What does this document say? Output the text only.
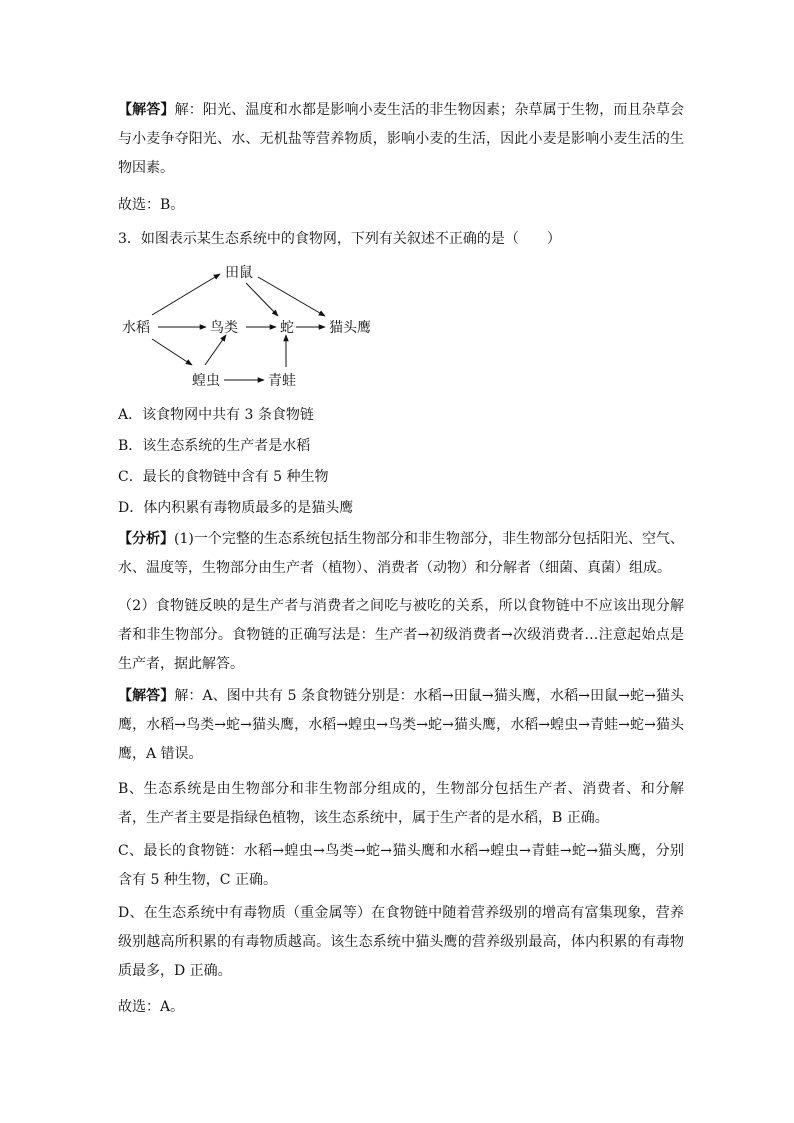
【解答】解：阳光、温度和水都是影响小麦生活的非生物因素；杂草属于生物，而且杂草会与小麦争夺阳光、水、无机盐等营养物质，影响小麦的生活，因此小麦是影响小麦生活的生物因素。

故选：B。

3．如图表示某生态系统中的食物网，下列有关叙述不正确的是（　　）

水稻
田鼠
鸟类	蛇	猫头鹰
蝗虫	青蛙

A．该食物网中共有 3 条食物链

B．该生态系统的生产者是水稻

C．最长的食物链中含有 5 种生物

D．体内积累有毒物质最多的是猫头鹰

【分析】(1)一个完整的生态系统包括生物部分和非生物部分，非生物部分包括阳光、空气、水、温度等，生物部分由生产者（植物）、消费者（动物）和分解者（细菌、真菌）组成。

（2）食物链反映的是生产者与消费者之间吃与被吃的关系，所以食物链中不应该出现分解者和非生物部分。食物链的正确写法是：生产者→初级消费者→次级消费者…注意起始点是生产者，据此解答。

【解答】解：A、图中共有 5 条食物链分别是：水稻→田鼠→猫头鹰，水稻→田鼠→蛇→猫头鹰，水稻→鸟类→蛇→猫头鹰，水稻→蝗虫→鸟类→蛇→猫头鹰，水稻→蝗虫→青蛙→蛇→猫头鹰，A 错误。

B、生态系统是由生物部分和非生物部分组成的，生物部分包括生产者、消费者、和分解者，生产者主要是指绿色植物，该生态系统中，属于生产者的是水稻，B 正确。

C、最长的食物链：水稻→蝗虫→鸟类→蛇→猫头鹰和水稻→蝗虫→青蛙→蛇→猫头鹰，分别含有 5 种生物，C 正确。

D、在生态系统中有毒物质（重金属等）在食物链中随着营养级别的增高有富集现象，营养级别越高所积累的有毒物质越高。该生态系统中猫头鹰的营养级别最高，体内积累的有毒物质最多，D 正确。

故选：A。
